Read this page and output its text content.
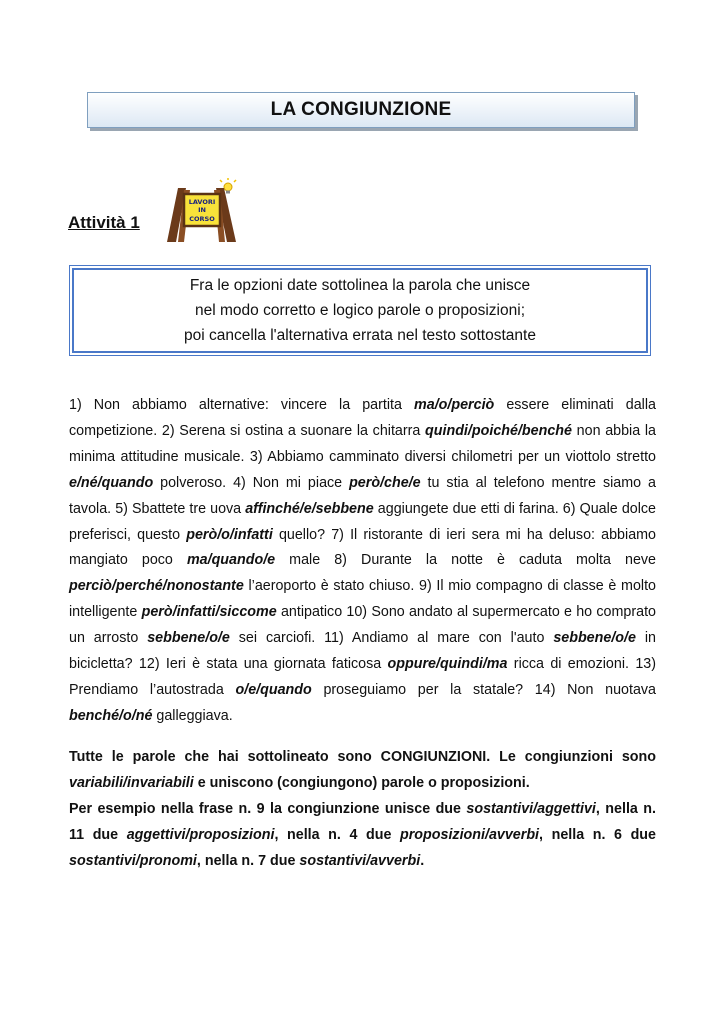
LA CONGIUNZIONE
Attività 1
LAVORI
IN
CORSO
Fra le opzioni date sottolinea la parola che unisce
nel modo corretto e logico parole o proposizioni;
poi cancella l'alternativa errata nel testo sottostante
1) Non abbiamo alternative: vincere la partita ma/o/perciò essere eliminati dalla competizione. 2) Serena si ostina a suonare la chitarra quindi/poiché/benché non abbia la minima attitudine musicale. 3) Abbiamo camminato diversi chilometri per un viottolo stretto e/né/quando polveroso. 4) Non mi piace però/che/e tu stia al telefono mentre siamo a tavola. 5) Sbattete tre uova affinché/e/sebbene aggiungete due etti di farina. 6) Quale dolce preferisci, questo però/o/infatti quello? 7) Il ristorante di ieri sera mi ha deluso: abbiamo mangiato poco ma/quando/e male 8) Durante la notte è caduta molta neve perciò/perché/nonostante l’aeroporto è stato chiuso. 9) Il mio compagno di classe è molto intelligente però/infatti/siccome antipatico 10) Sono andato al supermercato e ho comprato un arrosto sebbene/o/e sei carciofi. 11) Andiamo al mare con l'auto sebbene/o/e in bicicletta? 12) Ieri è stata una giornata faticosa oppure/quindi/ma ricca di emozioni. 13) Prendiamo l’autostrada o/e/quando proseguiamo per la statale? 14) Non nuotava benché/o/né galleggiava.

Tutte le parole che hai sottolineato sono CONGIUNZIONI. Le congiunzioni sono variabili/invariabili e uniscono (congiungono) parole o proposizioni.

Per esempio nella frase n. 9 la congiunzione unisce due sostantivi/aggettivi, nella n. 11 due aggettivi/proposizioni, nella n. 4 due proposizioni/avverbi, nella n. 6 due sostantivi/pronomi, nella n. 7 due sostantivi/avverbi.
